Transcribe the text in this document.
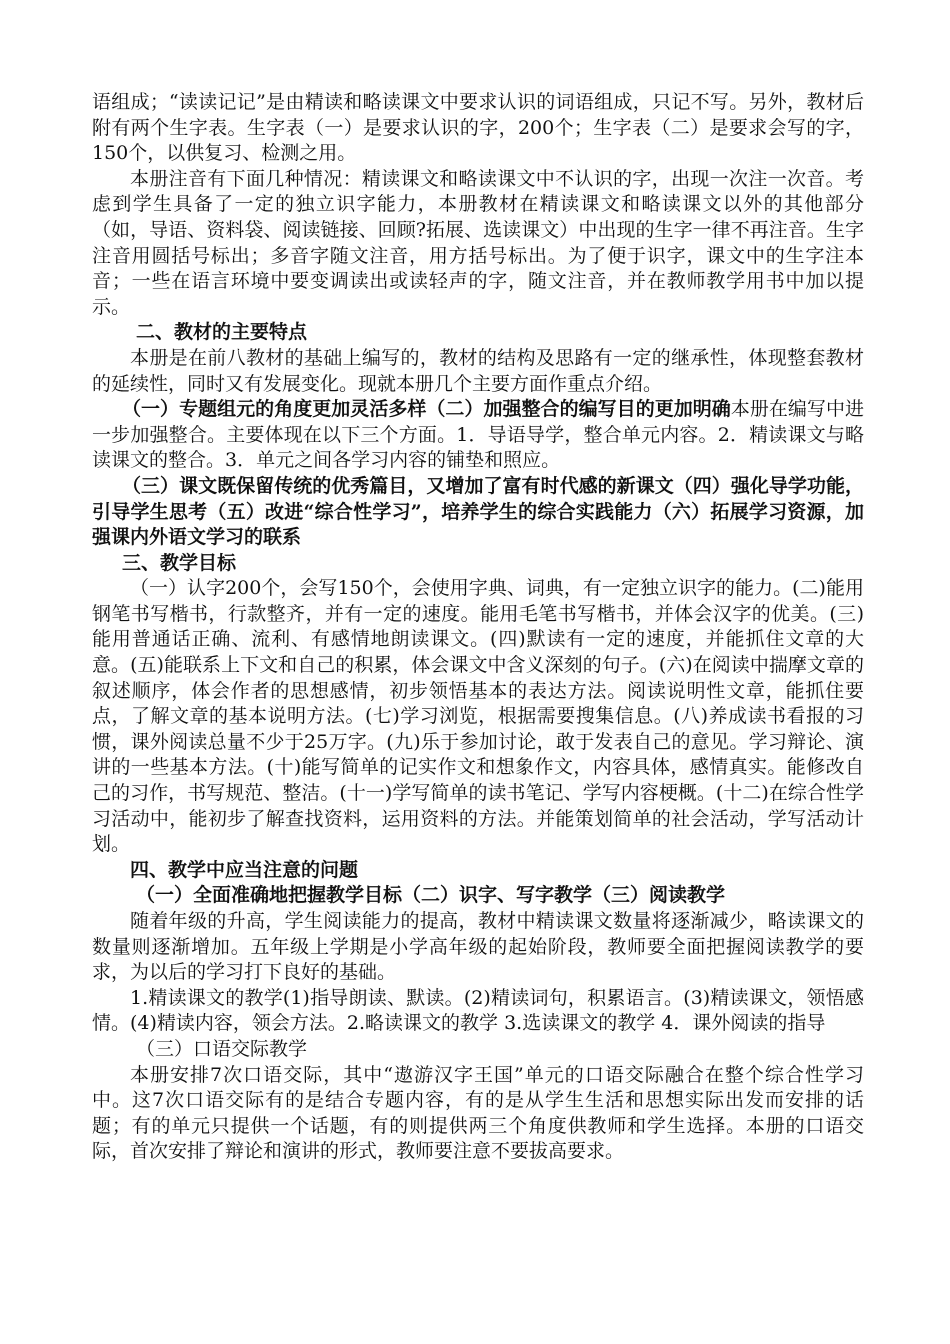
语组成；“读读记记”是由精读和略读课文中要求认识的词语组成，只记不写。另外，教材后附有两个生字表。生字表（一）是要求认识的字，200个；生字表（二）是要求会写的字，150个，以供复习、检测之用。

本册注音有下面几种情况：精读课文和略读课文中不认识的字，出现一次注一次音。考虑到学生具备了一定的独立识字能力，本册教材在精读课文和略读课文以外的其他部分（如，导语、资料袋、阅读链接、回顾?拓展、选读课文）中出现的生字一律不再注音。生字注音用圆括号标出；多音字随文注音，用方括号标出。为了便于识字，课文中的生字注本音；一些在语言环境中要变调读出或读轻声的字，随文注音，并在教师教学用书中加以提示。

二、教材的主要特点

本册是在前八教材的基础上编写的，教材的结构及思路有一定的继承性，体现整套教材的延续性，同时又有发展变化。现就本册几个主要方面作重点介绍。

（一）专题组元的角度更加灵活多样（二）加强整合的编写目的更加明确本册在编写中进一步加强整合。主要体现在以下三个方面。1．导语导学，整合单元内容。2．精读课文与略读课文的整合。3．单元之间各学习内容的铺垫和照应。

（三）课文既保留传统的优秀篇目，又增加了富有时代感的新课文（四）强化导学功能，引导学生思考（五）改进“综合性学习”，培养学生的综合实践能力（六）拓展学习资源，加强课内外语文学习的联系

三、教学目标

（一）认字200个，会写150个，会使用字典、词典，有一定独立识字的能力。(二)能用钢笔书写楷书，行款整齐，并有一定的速度。能用毛笔书写楷书，并体会汉字的优美。(三)能用普通话正确、流利、有感情地朗读课文。(四)默读有一定的速度，并能抓住文章的大意。(五)能联系上下文和自己的积累，体会课文中含义深刻的句子。(六)在阅读中揣摩文章的叙述顺序，体会作者的思想感情，初步领悟基本的表达方法。阅读说明性文章，能抓住要点，了解文章的基本说明方法。(七)学习浏览，根据需要搜集信息。(八)养成读书看报的习惯，课外阅读总量不少于25万字。(九)乐于参加讨论，敢于发表自己的意见。学习辩论、演讲的一些基本方法。(十)能写简单的记实作文和想象作文，内容具体，感情真实。能修改自己的习作，书写规范、整洁。(十一)学写简单的读书笔记、学写内容梗概。(十二)在综合性学习活动中，能初步了解查找资料，运用资料的方法。并能策划简单的社会活动，学写活动计划。

四、教学中应当注意的问题

（一）全面准确地把握教学目标（二）识字、写字教学（三）阅读教学

随着年级的升高，学生阅读能力的提高，教材中精读课文数量将逐渐减少，略读课文的数量则逐渐增加。五年级上学期是小学高年级的起始阶段，教师要全面把握阅读教学的要求，为以后的学习打下良好的基础。

1.精读课文的教学(1)指导朗读、默读。(2)精读词句，积累语言。(3)精读课文，领悟感情。(4)精读内容，领会方法。2.略读课文的教学 3.选读课文的教学 4．课外阅读的指导

（三）口语交际教学

本册安排7次口语交际，其中“遨游汉字王国”单元的口语交际融合在整个综合性学习中。这7次口语交际有的是结合专题内容，有的是从学生生活和思想实际出发而安排的话题；有的单元只提供一个话题，有的则提供两三个角度供教师和学生选择。本册的口语交际，首次安排了辩论和演讲的形式，教师要注意不要拔高要求。
